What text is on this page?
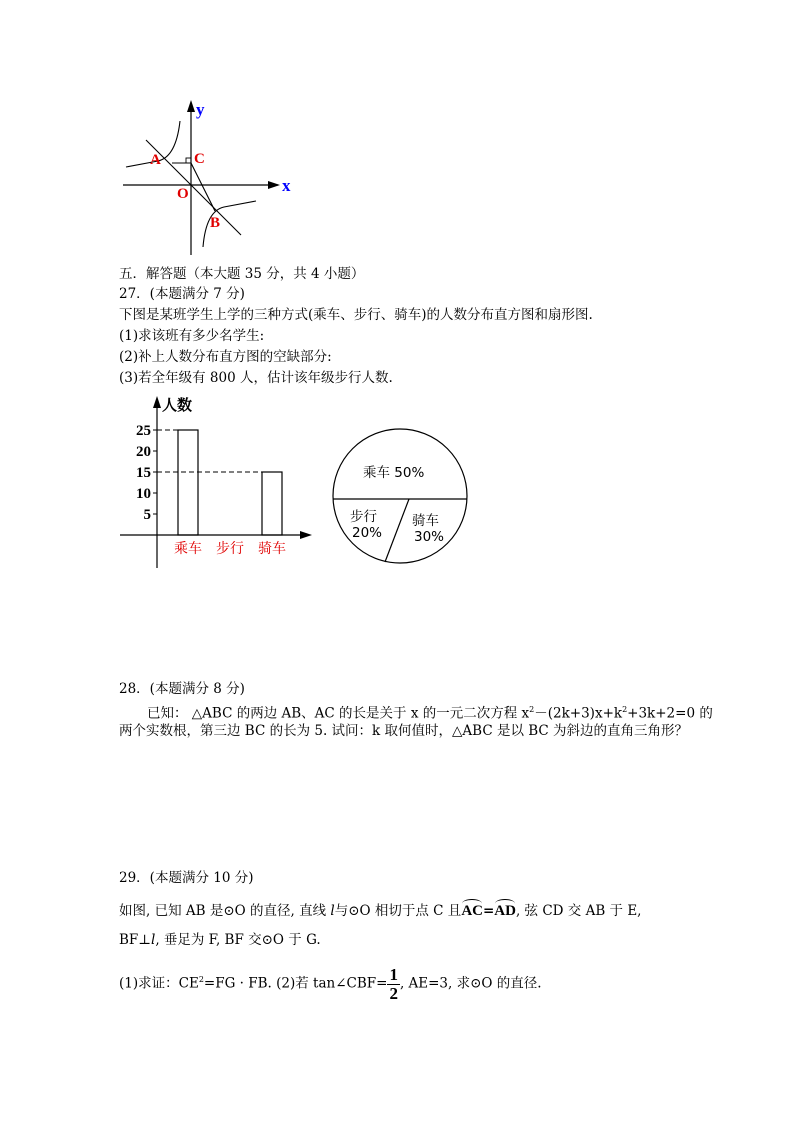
y
x
A C
O
B
五．解答题（本大题 35 分，共 4 小题）
27．(本题满分 7 分)
下图是某班学生上学的三种方式(乘车、步行、骑车)的人数分布直方图和扇形图.
(1)求该班有多少名学生:
(2)补上人数分布直方图的空缺部分:
(3)若全年级有 800 人，估计该年级步行人数.
人数
5
10
15
20
25
乘车 步行 骑车
乘车 50%
步行
20%
骑车
30%
28．(本题满分 8 分)
已知： △ABC 的两边 AB、AC 的长是关于 x 的一元二次方程 $x^2-(2k+3)x+k^2+3k+2=0$ 的
两个实数根，第三边 BC 的长为 5. 试问：k 取何值时，△ABC 是以 BC 为斜边的直角三角形？
29．(本题满分 10 分)
如图, 已知 AB 是⊙O 的直径, 直线 l与⊙O 相切于点 C 且AC=AD, 弦 CD 交 AB 于 E,
BF⊥l, 垂足为 F, BF 交⊙O 于 G.
(1)求证：$CE^2=FG$ · FB. (2)若 tan∠CBF= $\frac{1}{2}$ , AE=3, 求⊙O 的直径.
